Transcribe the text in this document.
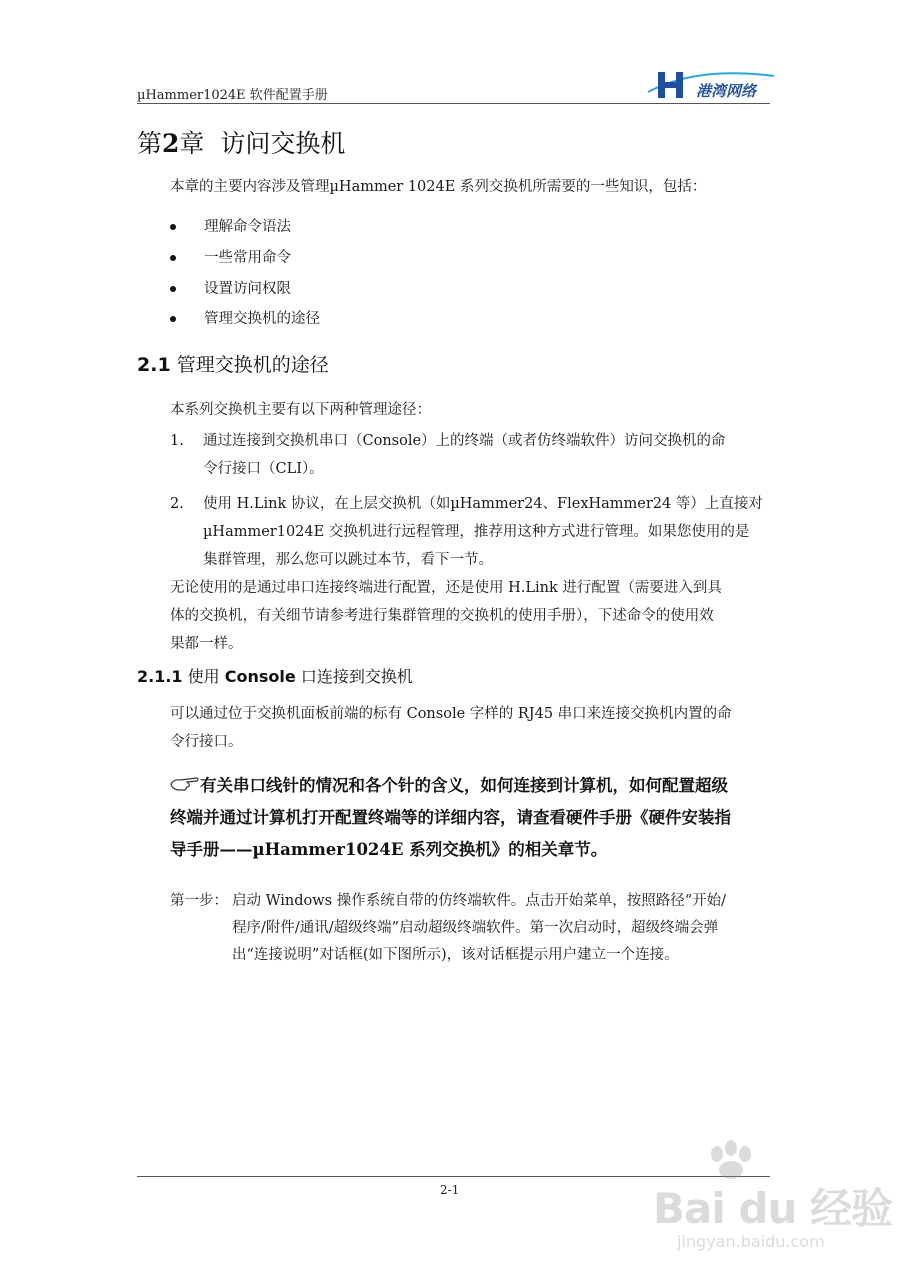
µHammer1024E 软件配置手册	港湾网络
第2章 访问交换机
本章的主要内容涉及管理µHammer 1024E 系列交换机所需要的一些知识，包括：
理解命令语法
一些常用命令
设置访问权限
管理交换机的途径
2.1 管理交换机的途径
本系列交换机主要有以下两种管理途径：
1. 通过连接到交换机串口（Console）上的终端（或者仿终端软件）访问交换机的命
令行接口（CLI）。
2. 使用 H.Link 协议，在上层交换机（如µHammer24、FlexHammer24 等）上直接对
µHammer1024E 交换机进行远程管理，推荐用这种方式进行管理。如果您使用的是
集群管理，那么您可以跳过本节，看下一节。
无论使用的是通过串口连接终端进行配置，还是使用 H.Link 进行配置（需要进入到具
体的交换机，有关细节请参考进行集群管理的交换机的使用手册），下述命令的使用效
果都一样。
2.1.1 使用 Console 口连接到交换机
可以通过位于交换机面板前端的标有 Console 字样的 RJ45 串口来连接交换机内置的命
令行接口。
有关串口线针的情况和各个针的含义，如何连接到计算机，如何配置超级
终端并通过计算机打开配置终端等的详细内容，请查看硬件手册《硬件安装指
导手册——µHammer1024E 系列交换机》的相关章节。
第一步： 启动 Windows 操作系统自带的仿终端软件。点击开始菜单，按照路径“开始/
程序/附件/通讯/超级终端”启动超级终端软件。第一次启动时，超级终端会弹
出“连接说明”对话框(如下图所示)，该对话框提示用户建立一个连接。
2-1	Bai du 经验
jingyan.baidu.com
